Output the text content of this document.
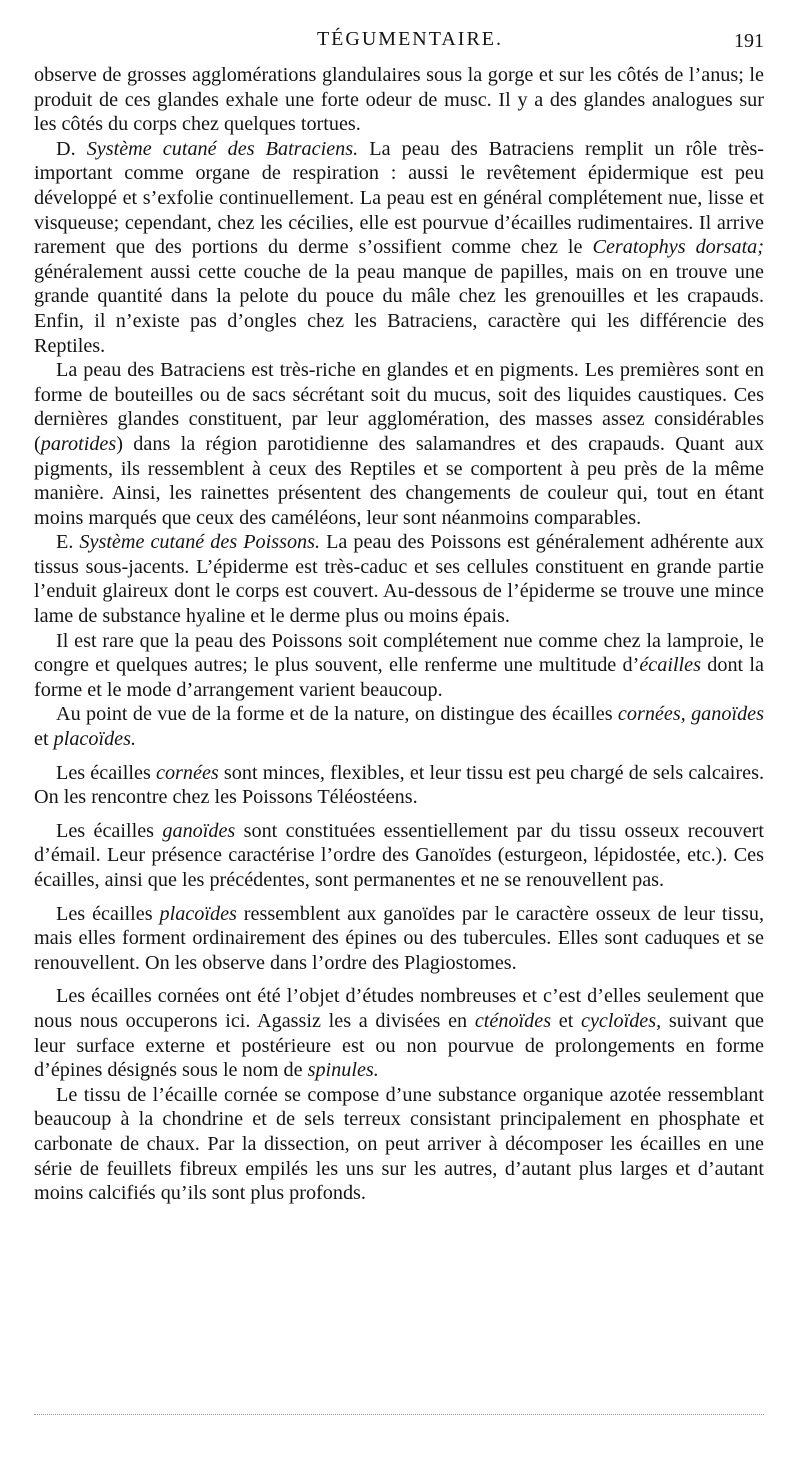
TÉGUMENTAIRE.	191

observe de grosses agglomérations glandulaires sous la gorge et sur les côtés de l’anus; le produit de ces glandes exhale une forte odeur de musc. Il y a des glandes analogues sur les côtés du corps chez quelques tortues.

D. Système cutané des Batraciens. La peau des Batraciens remplit un rôle très-important comme organe de respiration : aussi le revêtement épidermique est peu développé et s’exfolie continuellement. La peau est en général complétement nue, lisse et visqueuse; cependant, chez les cécilies, elle est pourvue d’écailles rudimentaires. Il arrive rarement que des portions du derme s’ossifient comme chez le Ceratophys dorsata; généralement aussi cette couche de la peau manque de papilles, mais on en trouve une grande quantité dans la pelote du pouce du mâle chez les grenouilles et les crapauds. Enfin, il n’existe pas d’ongles chez les Batraciens, caractère qui les différencie des Reptiles.

La peau des Batraciens est très-riche en glandes et en pigments. Les premières sont en forme de bouteilles ou de sacs sécrétant soit du mucus, soit des liquides caustiques. Ces dernières glandes constituent, par leur agglomération, des masses assez considérables (parotides) dans la région parotidienne des salamandres et des crapauds. Quant aux pigments, ils ressemblent à ceux des Reptiles et se comportent à peu près de la même manière. Ainsi, les rainettes présentent des changements de couleur qui, tout en étant moins marqués que ceux des caméléons, leur sont néanmoins comparables.

E. Système cutané des Poissons. La peau des Poissons est généralement adhérente aux tissus sous-jacents. L’épiderme est très-caduc et ses cellules constituent en grande partie l’enduit glaireux dont le corps est couvert. Au-dessous de l’épiderme se trouve une mince lame de substance hyaline et le derme plus ou moins épais.

Il est rare que la peau des Poissons soit complétement nue comme chez la lamproie, le congre et quelques autres; le plus souvent, elle renferme une multitude d’écailles dont la forme et le mode d’arrangement varient beaucoup.

Au point de vue de la forme et de la nature, on distingue des écailles cornées, ganoïdes et placoïdes.

Les écailles cornées sont minces, flexibles, et leur tissu est peu chargé de sels calcaires. On les rencontre chez les Poissons Téléostéens.

Les écailles ganoïdes sont constituées essentiellement par du tissu osseux recouvert d’émail. Leur présence caractérise l’ordre des Ganoïdes (esturgeon, lépidostée, etc.). Ces écailles, ainsi que les précédentes, sont permanentes et ne se renouvellent pas.

Les écailles placoïdes ressemblent aux ganoïdes par le caractère osseux de leur tissu, mais elles forment ordinairement des épines ou des tubercules. Elles sont caduques et se renouvellent. On les observe dans l’ordre des Plagiostomes.

Les écailles cornées ont été l’objet d’études nombreuses et c’est d’elles seulement que nous nous occuperons ici. Agassiz les a divisées en cténoïdes et cycloïdes, suivant que leur surface externe et postérieure est ou non pourvue de prolongements en forme d’épines désignés sous le nom de spinules.

Le tissu de l’écaille cornée se compose d’une substance organique azotée ressemblant beaucoup à la chondrine et de sels terreux consistant principalement en phosphate et carbonate de chaux. Par la dissection, on peut arriver à décomposer les écailles en une série de feuillets fibreux empilés les uns sur les autres, d’autant plus larges et d’autant moins calcifiés qu’ils sont plus profonds.
